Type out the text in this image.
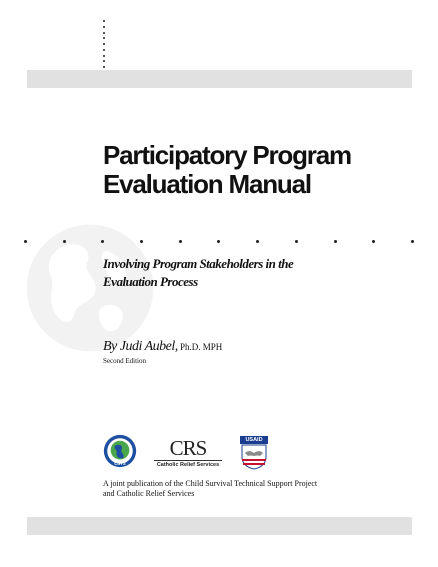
Participatory Program
Evaluation Manual
Involving Program Stakeholders in the
Evaluation Process
By Judi Aubel, Ph.D. MPH
Second Edition
CSTS
CRS
Catholic Relief Services
USAID

A joint publication of the Child Survival Technical Support Project
and Catholic Relief Services
